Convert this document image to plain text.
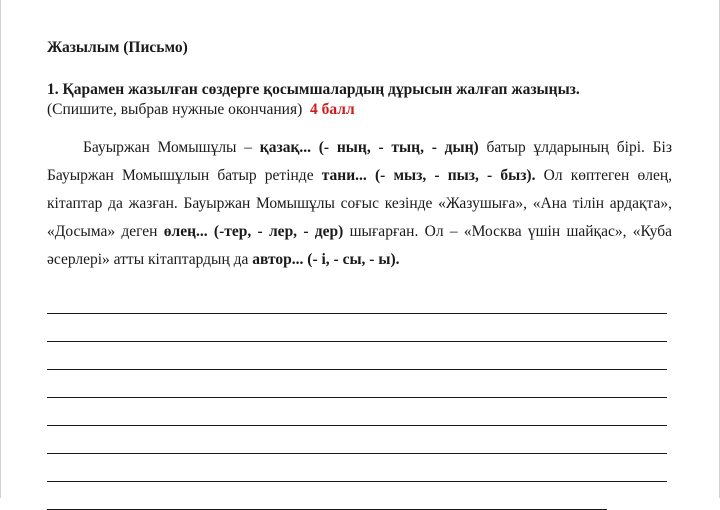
Жазылым (Письмо)
1. Қарамен жазылған сөздерге қосымшалардың дұрысын жалғап жазыңыз.
(Спишите, выбрав нужные окончания) 4 балл

Бауыржан Момышұлы – қазақ... (- ның, - тың, - дың) батыр ұлдарының бірі. Біз Бауыржан Момышұлын батыр ретінде тани... (- мыз, - пыз, - быз). Ол көптеген өлең, кітаптар да жазған. Бауыржан Момышұлы соғыс кезінде «Жазушыға», «Ана тілін ардақта», «Досыма» деген өлең... (-тер, - лер, - дер) шығарған. Ол – «Москва үшін шайқас», «Куба әсерлері» атты кітаптардың да автор... (- і, - сы, - ы).
